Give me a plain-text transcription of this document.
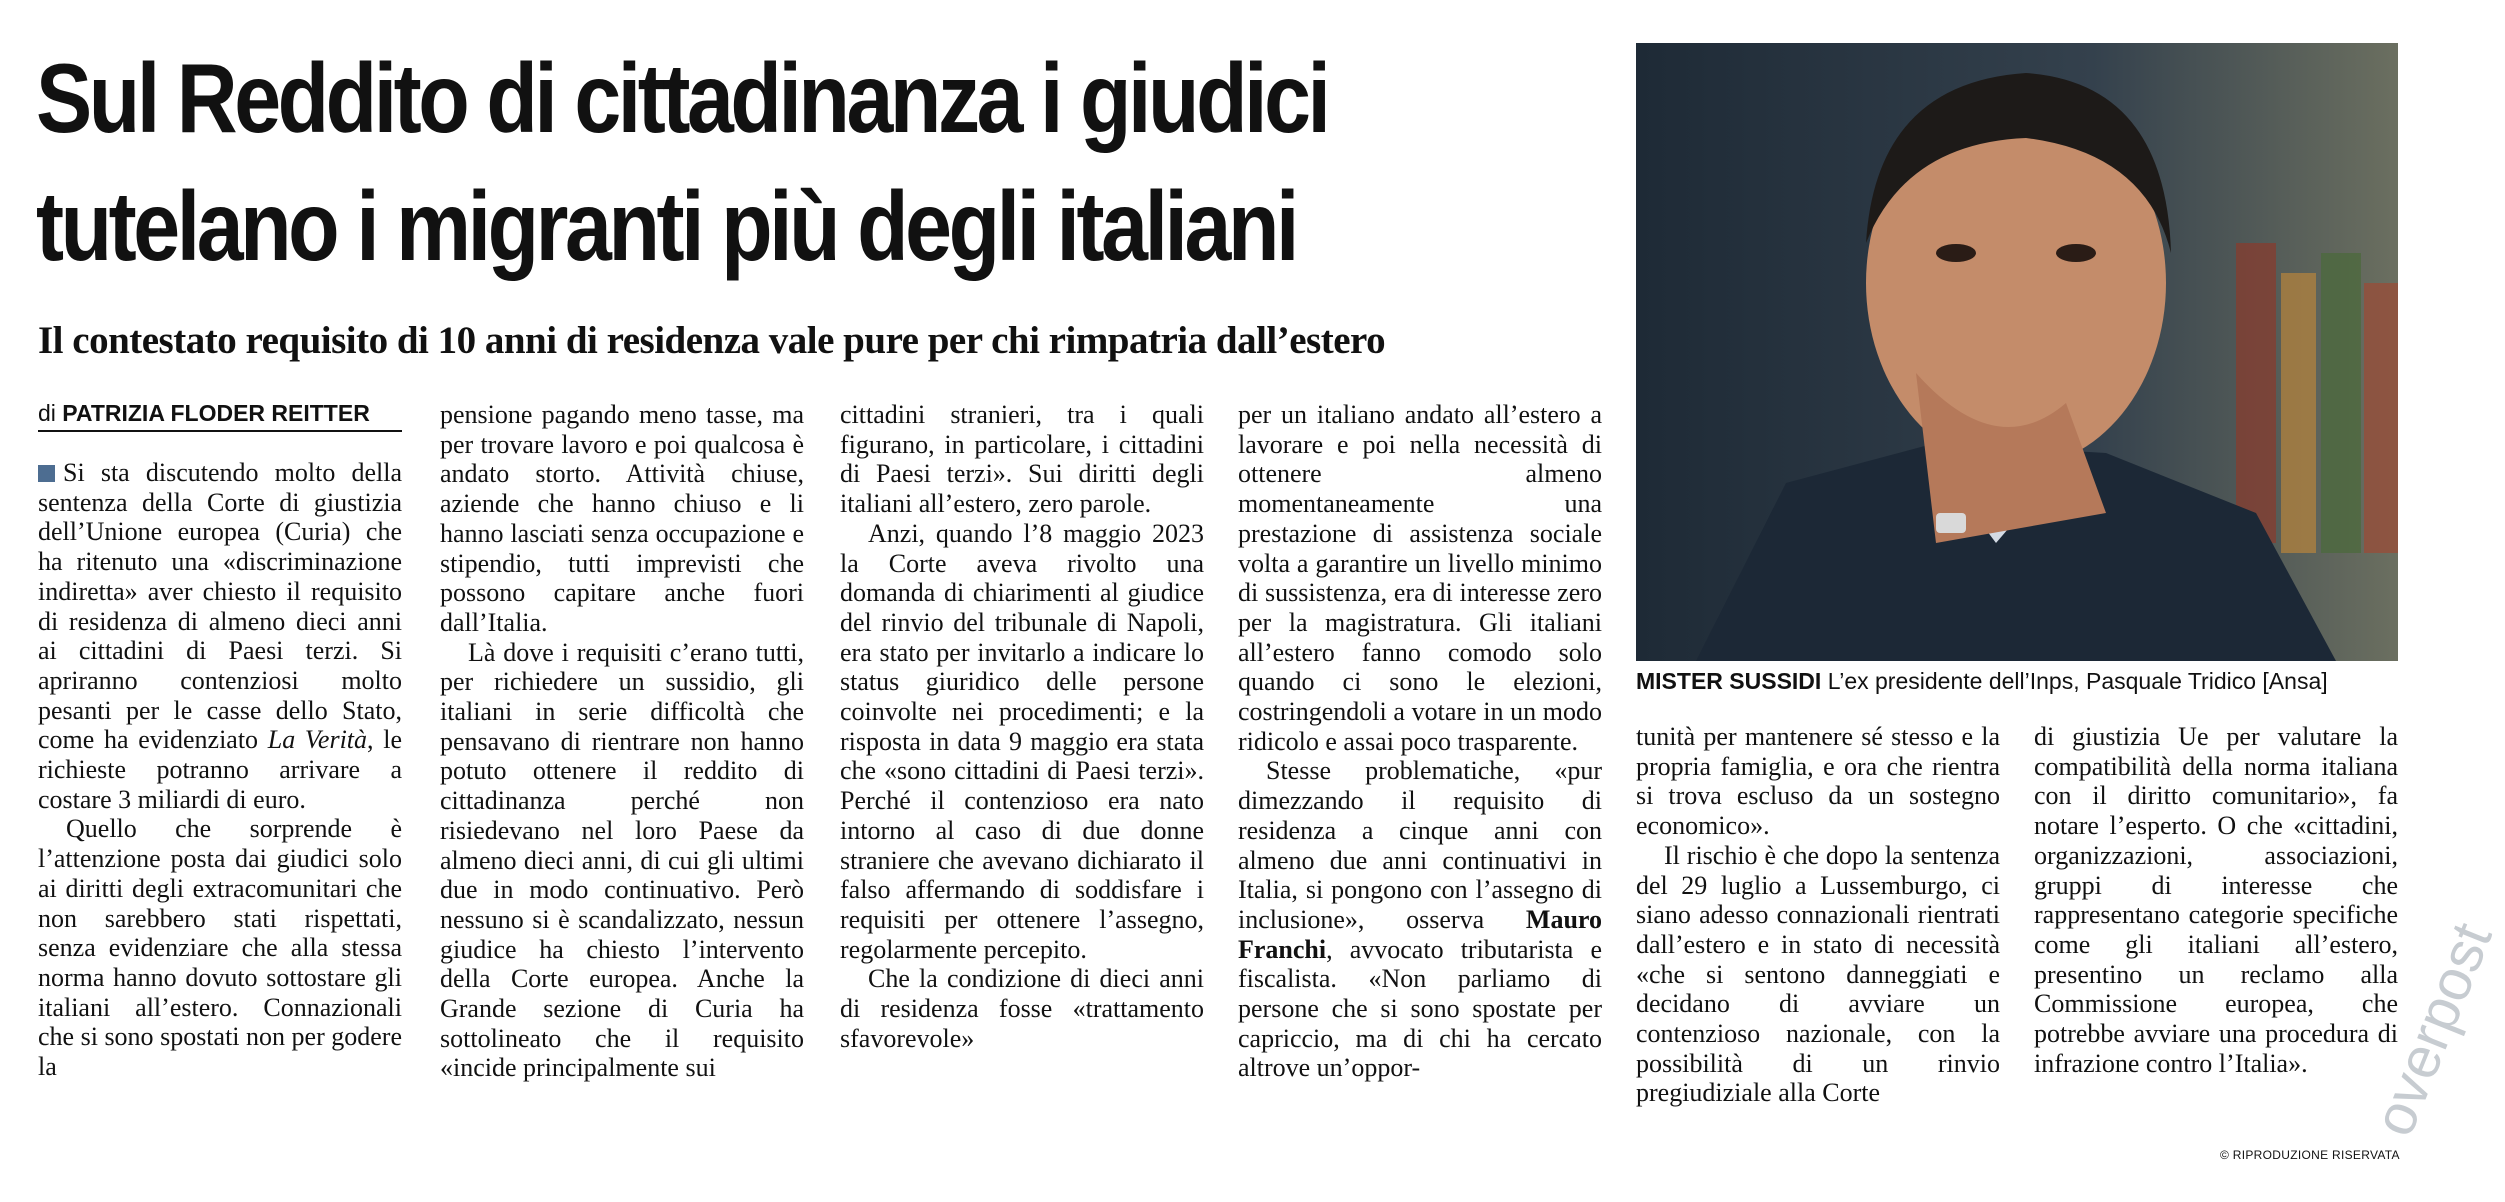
Sul Reddito di cittadinanza i giudici
tutelano i migranti più degli italiani
Il contestato requisito di 10 anni di residenza vale pure per chi rimpatria dall’estero
di PATRIZIA FLODER REITTER

Si sta discutendo molto della sentenza della Corte di giustizia dell’Unione europea (Curia) che ha ritenuto una «discriminazione indiretta» aver chiesto il requisito di residenza di almeno dieci anni ai cittadini di Paesi terzi. Si apriranno contenziosi molto pesanti per le casse dello Stato, come ha evidenziato La Verità, le richieste potranno arrivare a costare 3 miliardi di euro.

Quello che sorprende è l’attenzione posta dai giudici solo ai diritti degli extracomunitari che non sarebbero stati rispettati, senza evidenziare che alla stessa norma hanno dovuto sottostare gli italiani all’estero. Connazionali che si sono spostati non per godere la

pensione pagando meno tasse, ma per trovare lavoro e poi qualcosa è andato storto. Attività chiuse, aziende che hanno chiuso e li hanno lasciati senza occupazione e stipendio, tutti imprevisti che possono capitare anche fuori dall’Italia.

Là dove i requisiti c’erano tutti, per richiedere un sussidio, gli italiani in serie difficoltà che pensavano di rientrare non hanno potuto ottenere il reddito di cittadinanza perché non risiedevano nel loro Paese da almeno dieci anni, di cui gli ultimi due in modo continuativo. Però nessuno si è scandalizzato, nessun giudice ha chiesto l’intervento della Corte europea. Anche la Grande sezione di Curia ha sottolineato che il requisito «incide principalmente sui

cittadini stranieri, tra i quali figurano, in particolare, i cittadini di Paesi terzi». Sui diritti degli italiani all’estero, zero parole.

Anzi, quando l’8 maggio 2023 la Corte aveva rivolto una domanda di chiarimenti al giudice del rinvio del tribunale di Napoli, era stato per invitarlo a indicare lo status giuridico delle persone coinvolte nei procedimenti; e la risposta in data 9 maggio era stata che «sono cittadini di Paesi terzi». Perché il contenzioso era nato intorno al caso di due donne straniere che avevano dichiarato il falso affermando di soddisfare i requisiti per ottenere l’assegno, regolarmente percepito.

Che la condizione di dieci anni di residenza fosse «trattamento sfavorevole»

per un italiano andato all’estero a lavorare e poi nella necessità di ottenere almeno momentaneamente una prestazione di assistenza sociale volta a garantire un livello minimo di sussistenza, era di interesse zero per la magistratura. Gli italiani all’estero fanno comodo solo quando ci sono le elezioni, costringendoli a votare in un modo ridicolo e assai poco trasparente.

Stesse problematiche, «pur dimezzando il requisito di residenza a cinque anni con almeno due anni continuativi in Italia, si pongono con l’assegno di inclusione», osserva Mauro Franchi, avvocato tributarista e fiscalista. «Non parliamo di persone che si sono spostate per capriccio, ma di chi ha cercato altrove un’oppor-

tunità per mantenere sé stesso e la propria famiglia, e ora che rientra si trova escluso da un sostegno economico».

Il rischio è che dopo la sentenza del 29 luglio a Lussemburgo, ci siano adesso connazionali rientrati dall’estero e in stato di necessità «che si sentono danneggiati e decidano di avviare un contenzioso nazionale, con la possibilità di un rinvio pregiudiziale alla Corte

di giustizia Ue per valutare la compatibilità della norma italiana con il diritto comunitario», fa notare l’esperto. O che «cittadini, organizzazioni, associazioni, gruppi di interesse che rappresentano categorie specifiche come gli italiani all’estero, presentino un reclamo alla Commissione europea, che potrebbe avviare una procedura di infrazione contro l’Italia».

MISTER SUSSIDI L’ex presidente dell’Inps, Pasquale Tridico [Ansa]
© RIPRODUZIONE RISERVATA
overpost
